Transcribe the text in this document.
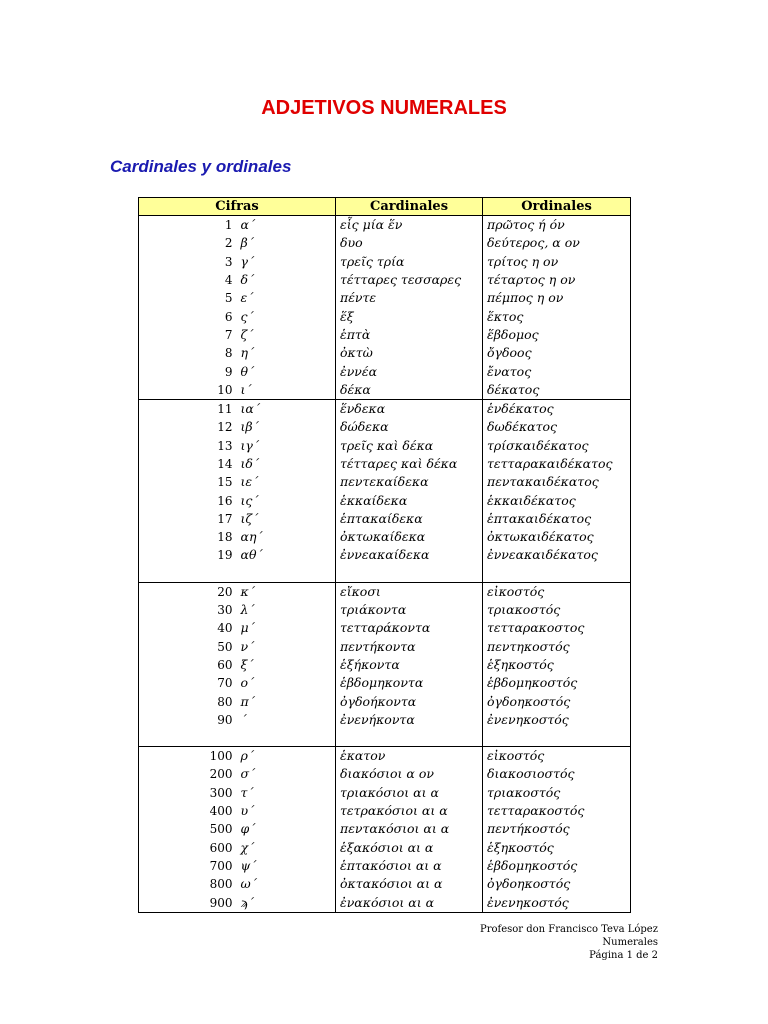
ADJETIVOS NUMERALES
Cardinales y ordinales
Cifras		Cardinales	Ordinales
1	α΄	εἷς μία ἕν	πρῶτος ή όν
2	β΄	δυο	δεύτερος, α ον
3	γ΄	τρεῖς τρία	τρίτος η ον
4	δ΄	τέτταρες τεσσαρες	τέταρτος η ον
5	ε΄	πέντε	πέμπος η ον
6	ς΄	ἕξ	ἕκτος
7	ζ΄	ἑπτὰ	ἕβδομος
8	η΄	ὀκτὼ	ὄγδοος
9	θ΄	ἐννέα	ἔνατος
10	ι΄	δέκα	δέκατος
11	ια΄	ἕνδεκα	ἑνδέκατος
12	ιβ΄	δώδεκα	δωδέκατος
13	ιγ΄	τρεῖς καὶ δέκα	τρίσκαιδέκατος
14	ιδ΄	τέτταρες καὶ δέκα	τετταρακαιδέκατος
15	ιε΄	πεντεκαίδεκα	πεντακαιδέκατος
16	ις΄	ἑκκαίδεκα	ἑκκαιδέκατος
17	ιζ΄	ἑπτακαίδεκα	ἑπτακαιδέκατος
18	αη΄	ὀκτωκαίδεκα	ὀκτωκαιδέκατος
19	αθ΄	ἐννεακαίδεκα	ἐννεακαιδέκατος

20	κ΄	εἴκοσι	εἰκοστός
30	λ΄	τριάκοντα	τριακοστός
40	μ΄	τετταράκοντα	τετταρακοστος
50	ν΄	πεντήκοντα	πεντηκοστός
60	ξ΄	ἑξήκοντα	ἑξηκοστός
70	ο΄	ἑβδομηκοντα	ἑβδομηκοστός
80	π΄	ὀγδοήκοντα	ὀγδοηκοστός
90	΄	ἐνενήκοντα	ἐνενηκοστός

100	ρ΄	ἑκατον	εἰκοστός
200	σ΄	διακόσιοι α ον	διακοσιοστός
300	τ΄	τριακόσιοι αι α	τριακοστός
400	υ΄	τετρακόσιοι αι α	τετταρακοστός
500	φ΄	πεντακόσιοι αι α	πεντήκοστός
600	χ΄	ἑξακόσιοι αι α	ἑξηκοστός
700	ψ΄	ἑπτακόσιοι αι α	ἑβδομηκοστός
800	ω΄	ὀκτακόσιοι αι α	ὀγδοηκοστός
900	ϡ΄	ἐνακόσιοι αι α	ἐνενηκοστός
Profesor don Francisco Teva López
Numerales
Página 1 de 2
